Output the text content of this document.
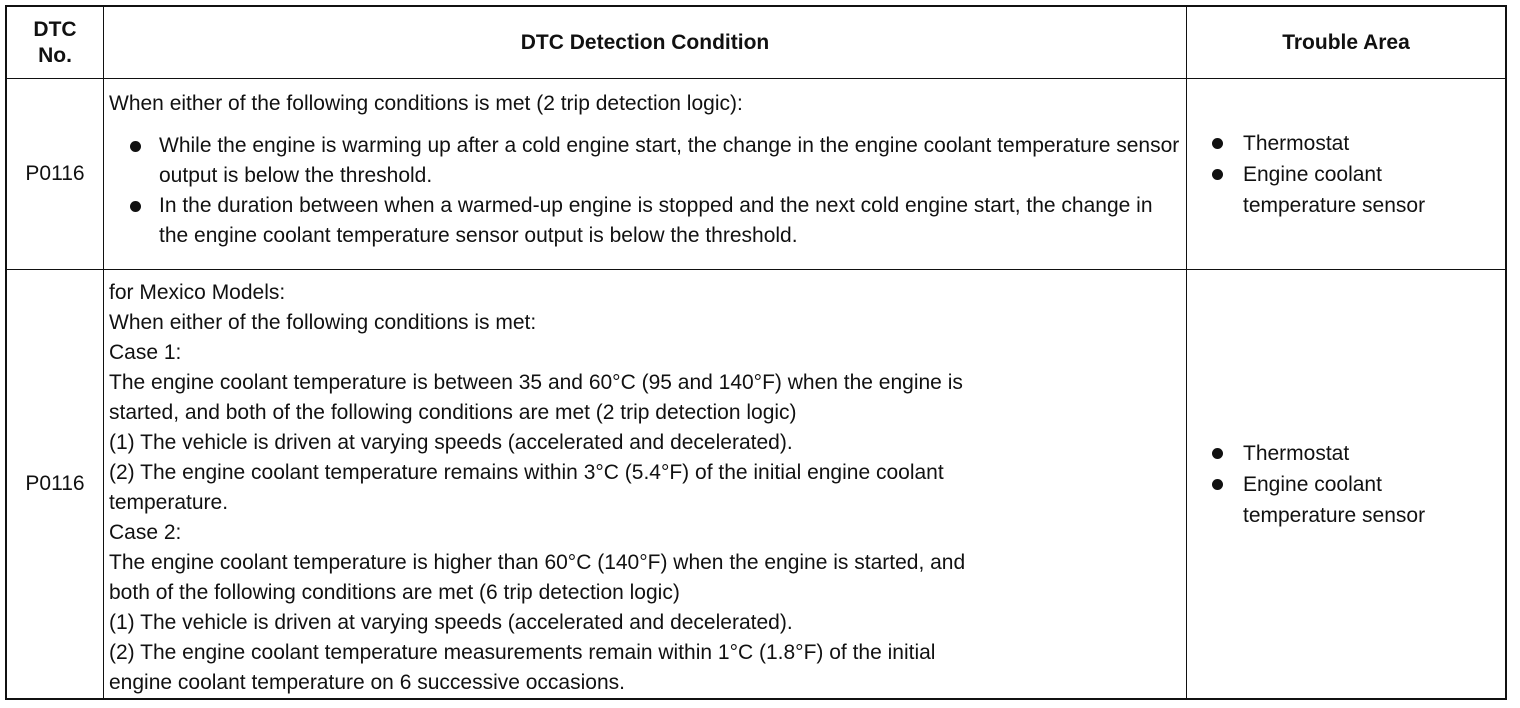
DTC No.
DTC Detection Condition	Trouble Area
P0116
When either of the following conditions is met (2 trip detection logic):
While the engine is warming up after a cold engine start, the change in the engine coolant temperature sensor output is below the threshold.
In the duration between when a warmed-up engine is stopped and the next cold engine start, the change in the engine coolant temperature sensor output is below the threshold.
Thermostat
Engine coolant temperature sensor
P0116
for Mexico Models:
When either of the following conditions is met:
Case 1:
The engine coolant temperature is between 35 and 60°C (95 and 140°F) when the engine is
started, and both of the following conditions are met (2 trip detection logic)
(1) The vehicle is driven at varying speeds (accelerated and decelerated).
(2) The engine coolant temperature remains within 3°C (5.4°F) of the initial engine coolant
temperature.
Case 2:
The engine coolant temperature is higher than 60°C (140°F) when the engine is started, and
both of the following conditions are met (6 trip detection logic)
(1) The vehicle is driven at varying speeds (accelerated and decelerated).
(2) The engine coolant temperature measurements remain within 1°C (1.8°F) of the initial
engine coolant temperature on 6 successive occasions.
Thermostat
Engine coolant temperature sensor
